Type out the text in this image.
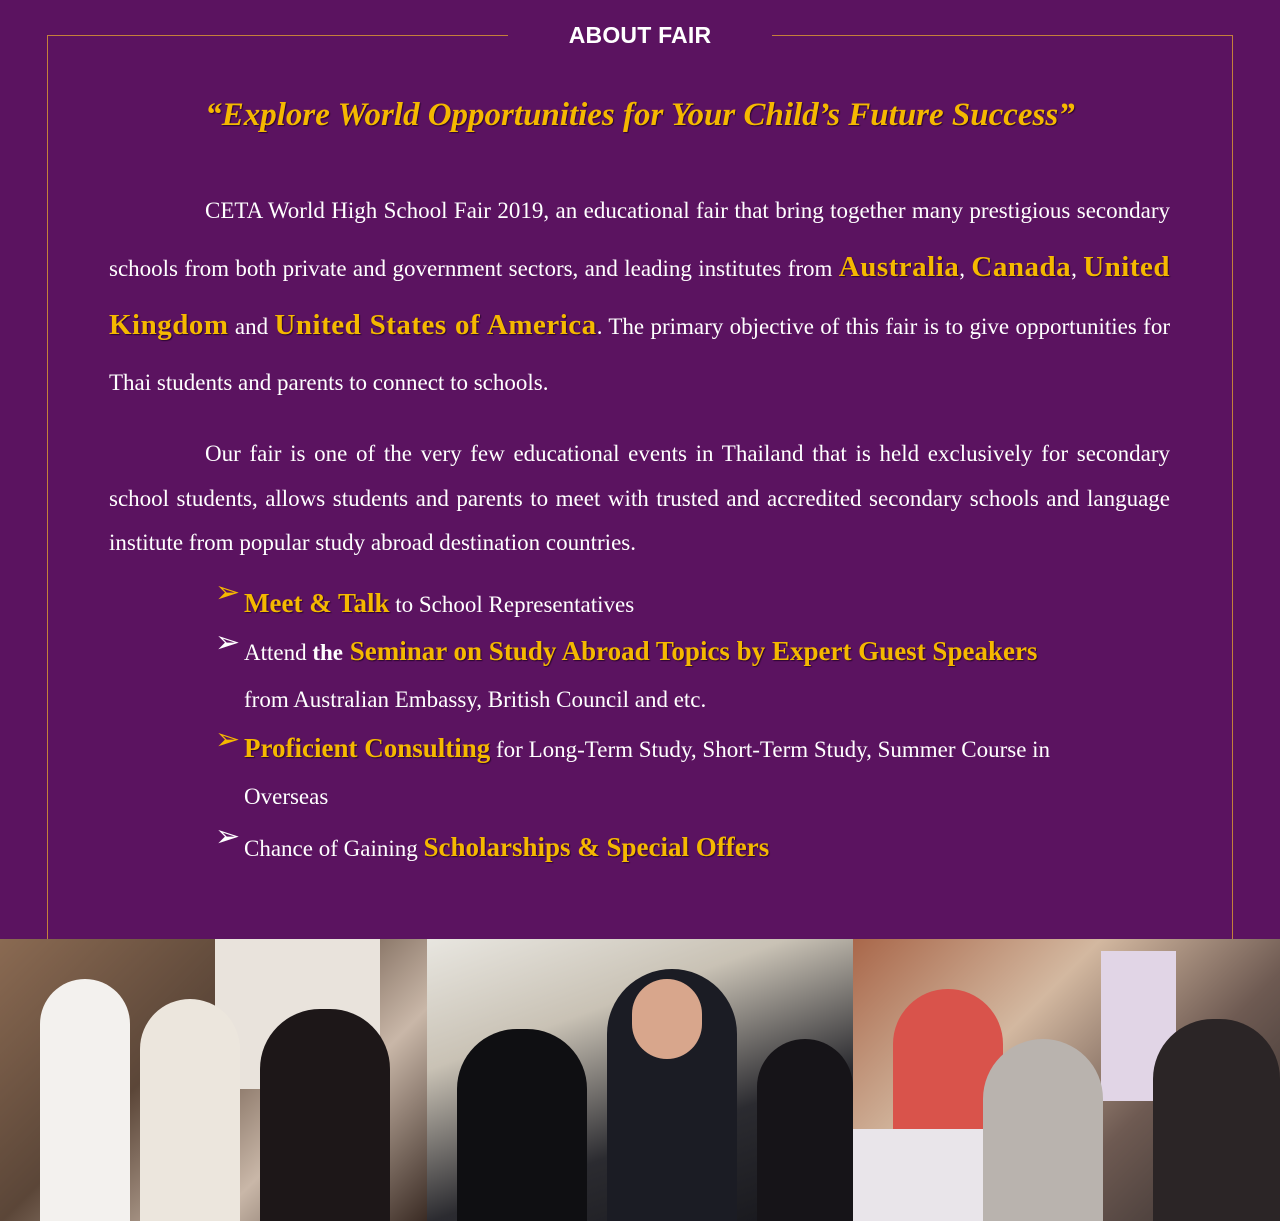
ABOUT FAIR
“Explore World Opportunities for Your Child’s Future Success”
CETA World High School Fair 2019, an educational fair that bring together many prestigious secondary schools from both private and government sectors, and leading institutes from Australia, Canada, United Kingdom and United States of America. The primary objective of this fair is to give opportunities for Thai students and parents to connect to schools.
Our fair is one of the very few educational events in Thailand that is held exclusively for secondary school students, allows students and parents to meet with trusted and accredited secondary schools and language institute from popular study abroad destination countries.
➢ Meet & Talk to School Representatives
➢ Attend the Seminar on Study Abroad Topics by Expert Guest Speakers
from Australian Embassy, British Council and etc.
➢ Proficient Consulting for Long-Term Study, Short-Term Study, Summer Course in Overseas
➢ Chance of Gaining Scholarships & Special Offers
